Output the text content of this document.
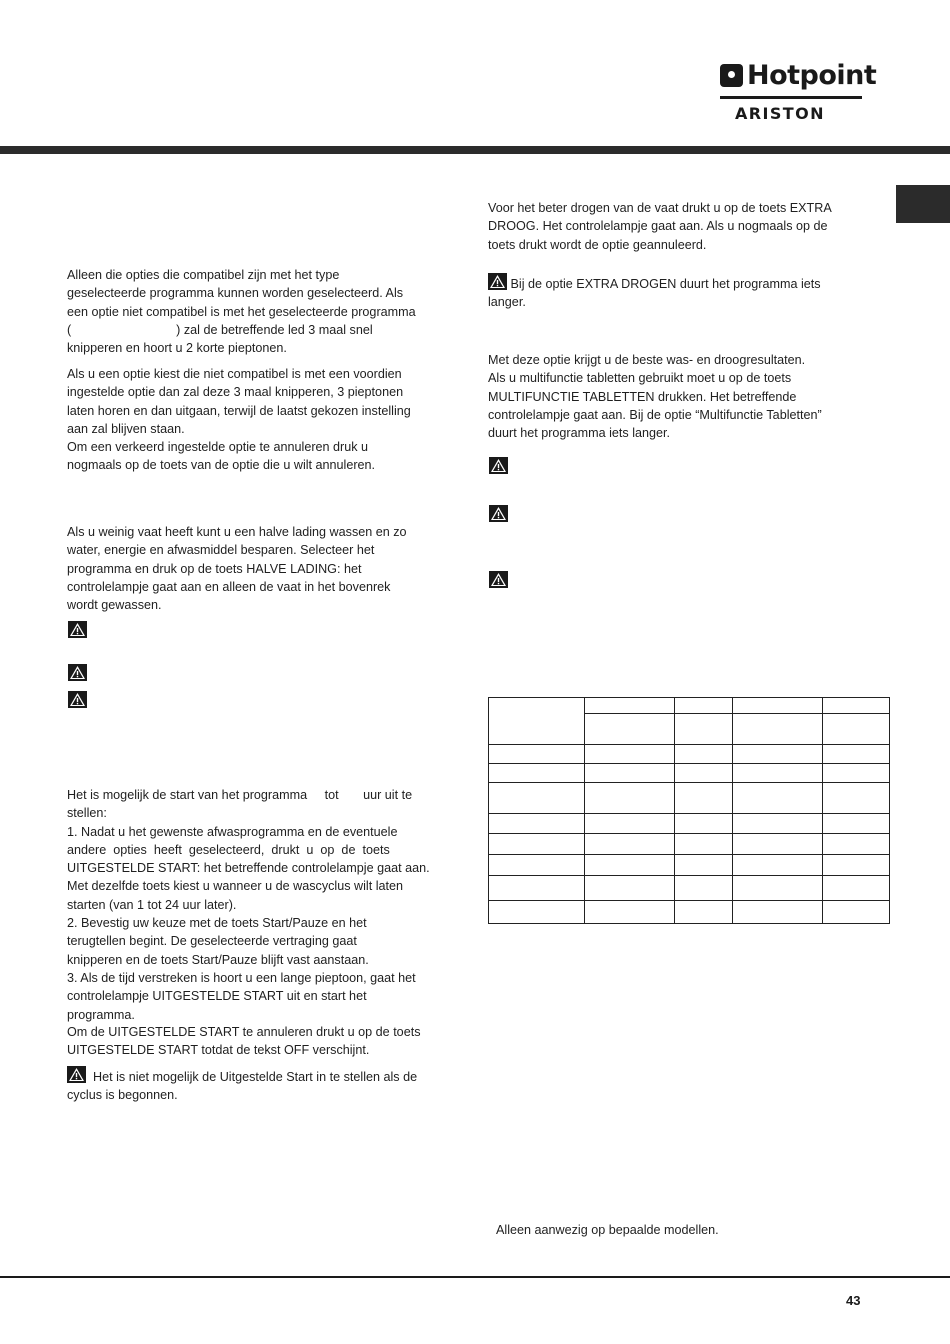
Hotpoint
ARISTON

Alleen die opties die compatibel zijn met het type

geselecteerde programma kunnen worden geselecteerd. Als

een optie niet compatibel is met het geselecteerde programma

(                              ) zal de betreffende led 3 maal snel

knipperen en hoort u 2 korte pieptonen.

Als u een optie kiest die niet compatibel is met een voordien

ingestelde optie dan zal deze 3 maal knipperen, 3 pieptonen

laten horen en dan uitgaan, terwijl de laatst gekozen instelling

aan zal blijven staan.

Om een verkeerd ingestelde optie te annuleren druk u

nogmaals op de toets van de optie die u wilt annuleren.

Als u weinig vaat heeft kunt u een halve lading wassen en zo

water, energie en afwasmiddel besparen. Selecteer het

programma en druk op de toets HALVE LADING: het

controlelampje gaat aan en alleen de vaat in het bovenrek

wordt gewassen.

Het is mogelijk de start van het programma     tot       uur uit te

stellen:

1. Nadat u het gewenste afwasprogramma en de eventuele

andere  opties  heeft  geselecteerd,  drukt  u  op  de  toets

UITGESTELDE START: het betreffende controlelampje gaat aan.

Met dezelfde toets kiest u wanneer u de wascyclus wilt laten

starten (van 1 tot 24 uur later).

2. Bevestig uw keuze met de toets Start/Pauze en het

terugtellen begint. De geselecteerde vertraging gaat

knipperen en de toets Start/Pauze blijft vast aanstaan.

3. Als de tijd verstreken is hoort u een lange pieptoon, gaat het

controlelampje UITGESTELDE START uit en start het

programma.

Om de UITGESTELDE START te annuleren drukt u op de toets

UITGESTELDE START totdat de tekst OFF verschijnt.

Het is niet mogelijk de Uitgestelde Start in te stellen als de

cyclus is begonnen.

Voor het beter drogen van de vaat drukt u op de toets EXTRA

DROOG. Het controlelampje gaat aan. Als u nogmaals op de

toets drukt wordt de optie geannuleerd.

Bij de optie EXTRA DROGEN duurt het programma iets

langer.

Met deze optie krijgt u de beste was- en droogresultaten.

Als u multifunctie tabletten gebruikt moet u op de toets

MULTIFUNCTIE TABLETTEN drukken. Het betreffende

controlelampje gaat aan. Bij de optie “Multifunctie Tabletten”

duurt het programma iets langer.

Alleen aanwezig op bepaalde modellen.
43
